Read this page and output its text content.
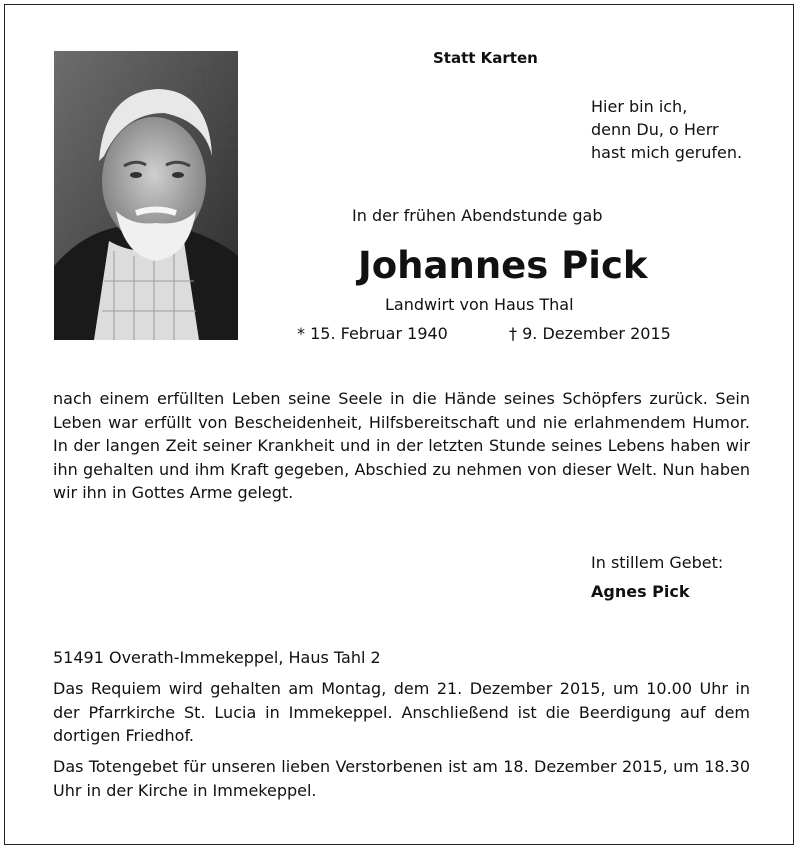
Statt Karten

Hier bin ich,
denn Du, o Herr
hast mich gerufen.

In der frühen Abendstunde gab

Johannes Pick

Landwirt von Haus Thal

* 15. Februar 1940	† 9. Dezember 2015

nach einem erfüllten Leben seine Seele in die Hände seines Schöpfers zurück. Sein Leben war erfüllt von Bescheidenheit, Hilfsbereitschaft und nie erlahmendem Humor. In der langen Zeit seiner Krankheit und in der letzten Stunde seines Lebens haben wir ihn gehalten und ihm Kraft gegeben, Abschied zu nehmen von dieser Welt. Nun haben wir ihn in Gottes Arme gelegt.

In stillem Gebet:

Agnes Pick

51491 Overath-Immekeppel, Haus Tahl 2

Das Requiem wird gehalten am Montag, dem 21. Dezember 2015, um 10.00 Uhr in der Pfarrkirche St. Lucia in Immekeppel. Anschließend ist die Beerdigung auf dem dortigen Friedhof.

Das Totengebet für unseren lieben Verstorbenen ist am 18. Dezember 2015, um 18.30 Uhr in der Kirche in Immekeppel.
